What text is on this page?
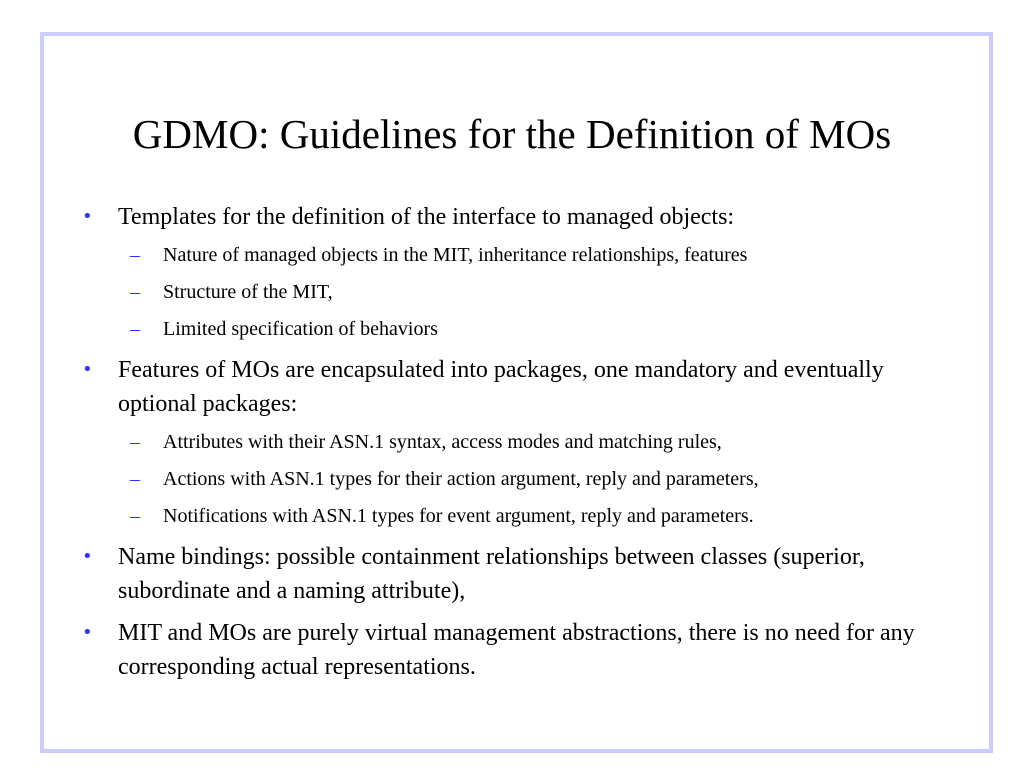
GDMO: Guidelines for the Definition of MOs
• Templates for the definition of the interface to managed objects:
– Nature of managed objects in the MIT, inheritance relationships, features
– Structure of the MIT,
– Limited specification of behaviors
• Features of MOs are encapsulated into packages, one mandatory and eventually optional packages:
– Attributes with their ASN.1 syntax, access modes and matching rules,
– Actions with ASN.1 types for their action argument, reply and parameters,
– Notifications with ASN.1 types for event argument, reply and parameters.
• Name bindings: possible containment relationships between classes (superior, subordinate and a naming attribute),
• MIT and MOs are purely virtual management abstractions, there is no need for any corresponding actual representations.
